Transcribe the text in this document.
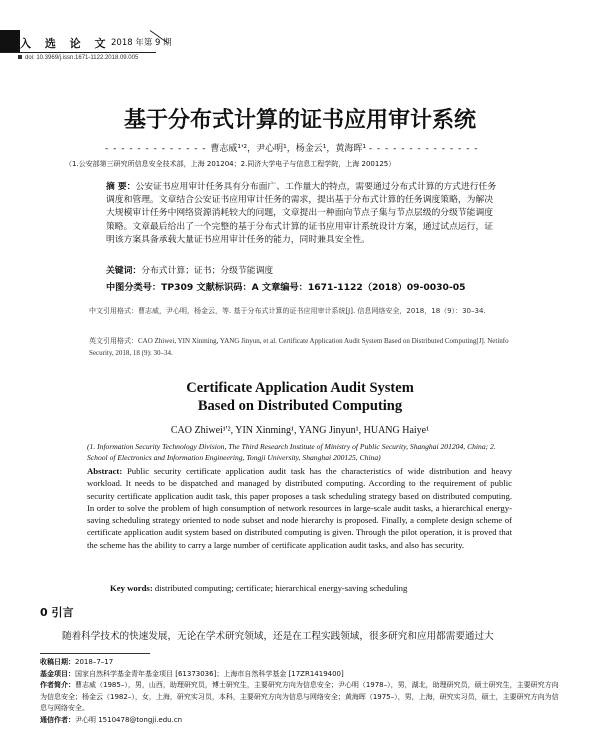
入 选 论 文 2018 年第 9 期
doi: 10.3969/j.issn.1671-1122.2018.09.005
基于分布式计算的证书应用审计系统
- - - - - - - - - - - - - 曹志威¹'²，尹心明¹，杨金云¹，黄海晖¹ - - - - - - - - - - - - - -
（1.公安部第三研究所信息安全技术部，上海 201204；2.同济大学电子与信息工程学院，上海 200125）
摘 要：公安证书应用审计任务具有分布面广、工作量大的特点，需要通过分布式计算的方式进行任务调度和管理。文章结合公安证书应用审计任务的需求，提出基于分布式计算的任务调度策略，为解决大规模审计任务中网络资源消耗较大的问题，文章提出一种面向节点子集与节点层级的分级节能调度策略。文章最后给出了一个完整的基于分布式计算的证书应用审计系统设计方案，通过试点运行，证明该方案具备承载大量证书应用审计任务的能力，同时兼具安全性。
关键词：分布式计算；证书；分级节能调度
中图分类号：TP309 文献标识码：A 文章编号：1671-1122（2018）09-0030-05
中文引用格式：曹志威，尹心明，杨金云，等. 基于分布式计算的证书应用审计系统[J]. 信息网络安全，2018，18（9）：30–34.
英文引用格式：CAO Zhiwei, YIN Xinming, YANG Jinyun, et al. Certificate Application Audit System Based on Distributed Computing[J]. Netinfo Security, 2018, 18 (9): 30–34.
Certificate Application Audit System Based on Distributed Computing
CAO Zhiwei¹'², YIN Xinming¹, YANG Jinyun¹, HUANG Haiye¹
(1. Information Security Technology Division, The Third Research Institute of Ministry of Public Security, Shanghai 201204, China; 2. School of Electronics and Information Engineering, Tongji University, Shanghai 200125, China)
Abstract: Public security certificate application audit task has the characteristics of wide distribution and heavy workload. It needs to be dispatched and managed by distributed computing. According to the requirement of public security certificate application audit task, this paper proposes a task scheduling strategy based on distributed computing. In order to solve the problem of high consumption of network resources in large-scale audit tasks, a hierarchical energy-saving scheduling strategy oriented to node subset and node hierarchy is proposed. Finally, a complete design scheme of certificate application audit system based on distributed computing is given. Through the pilot operation, it is proved that the scheme has the ability to carry a large number of certificate application audit tasks, and also has security.
Key words: distributed computing; certificate; hierarchical energy-saving scheduling
0 引言
随着科学技术的快速发展，无论在学术研究领域，还是在工程实践领域，很多研究和应用都需要通过大
收稿日期：2018–7–17
基金项目：国家自然科学基金青年基金项目 [61373036]；上海市自然科学基金 [17ZR1419400]
作者简介：曹志威（1985–），男，山西，助理研究员，博士研究生，主要研究方向为信息安全；尹心明（1978–），男，湖北，助理研究员，硕士研究生，主要研究方向为信息安全；杨金云（1982–），女，上海，研究实习员，本科，主要研究方向为信息与网络安全；黄海晖（1975–），男，上海，研究实习员，硕士，主要研究方向为信息与网络安全。
通信作者：尹心明 1510478@tongji.edu.cn
